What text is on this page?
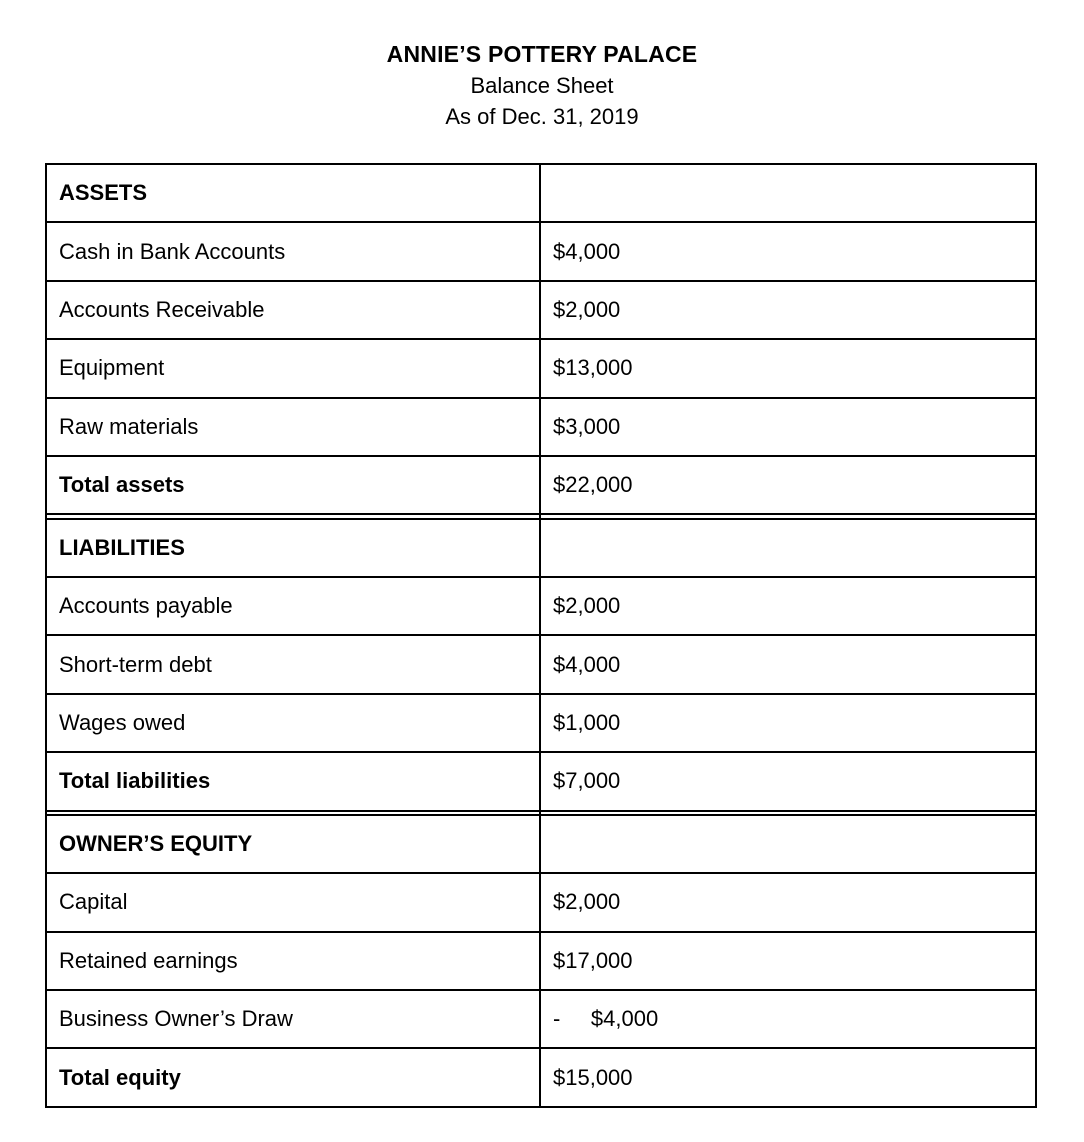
ANNIE’S POTTERY PALACE
Balance Sheet
As of Dec. 31, 2019
ASSETS	
Cash in Bank Accounts	$4,000
Accounts Receivable	$2,000
Equipment	$13,000
Raw materials	$3,000
Total assets	$22,000

LIABILITIES	
Accounts payable	$2,000
Short-term debt	$4,000
Wages owed	$1,000
Total liabilities	$7,000

OWNER’S EQUITY	
Capital	$2,000
Retained earnings	$17,000
Business Owner’s Draw	-     $4,000
Total equity	$15,000
